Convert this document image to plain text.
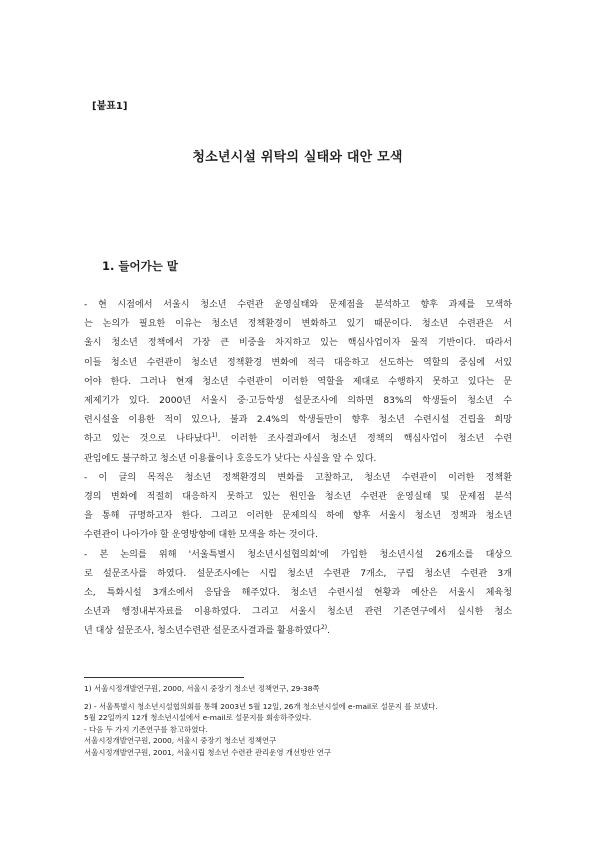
[붙표1]
청소년시설 위탁의 실태와 대안 모색
1. 들어가는 말

- 현 시점에서 서울시 청소년 수련관 운영실태와 문제점을 분석하고 향후 과제를 모색하

는 논의가 필요한 이유는 청소년 정책환경이 변화하고 있기 때문이다. 청소년 수련관은 서

울시 청소년 정책에서 가장 큰 비중을 차지하고 있는 핵심사업이자 물적 기반이다. 따라서

이들 청소년 수련관이 청소년 정책환경 변화에 적극 대응하고 선도하는 역할의 중심에 서있

어야 한다. 그러나 현재 청소년 수련관이 이러한 역할을 제대로 수행하지 못하고 있다는 문

제제기가 있다. 2000년 서울시 중·고등학생 설문조사에 의하면 83%의 학생들이 청소년 수

련시설을 이용한 적이 있으나, 불과 2.4%의 학생들만이 향후 청소년 수련시설 건립을 희망

하고 있는 것으로 나타났다$^{1)}$. 이러한 조사결과에서 청소년 정책의 핵심사업이 청소년 수련

관임에도 불구하고 청소년 이용률이나 호응도가 낮다는 사실을 알 수 있다.

- 이 글의 목적은 청소년 정책환경의 변화를 고찰하고, 청소년 수련관이 이러한 정책환

경의 변화에 적절히 대응하지 못하고 있는 원인을 청소년 수련관 운영실태 및 문제점 분석

을 통해 규명하고자 한다. 그리고 이러한 문제의식 하에 향후 서울시 청소년 정책과 청소년

수련관이 나아가야 할 운영방향에 대한 모색을 하는 것이다.

- 본 논의를 위해 '서울특별시 청소년시설협의회'에 가입한 청소년시설 26개소를 대상으

로 설문조사를 하였다. 설문조사에는 시립 청소년 수련관 7개소, 구립 청소년 수련관 3개

소, 특화시설 3개소에서 응답을 해주었다. 청소년 수련시설 현황과 예산은 서울시 체육청

소년과 행정내부자료를 이용하였다. 그리고 서울시 청소년 관련 기존연구에서 실시한 청소

년 대상 설문조사, 청소년수련관 설문조사결과를 활용하였다$^{2)}$.

1) 서울시정개발연구원, 2000, 서울시 중장기 청소년 정책연구, 29-38쪽
2) - 서울특별시 청소년시설협의회를 통해 2003년 5월 12일, 26개 청소년시설에 e-mail로 설문지 를 보냈다.
5월 22일까지 12개 청소년시설에서 e-mail로 설문지를 회송하주었다.
- 다음 두 가지 기존연구를 참고하였다.
서울시정개발연구원, 2000, 서울시 중장기 청소년 정책연구
서울시정개발연구원, 2001, 서울시립 청소년 수련관 관리운영 개선방안 연구
